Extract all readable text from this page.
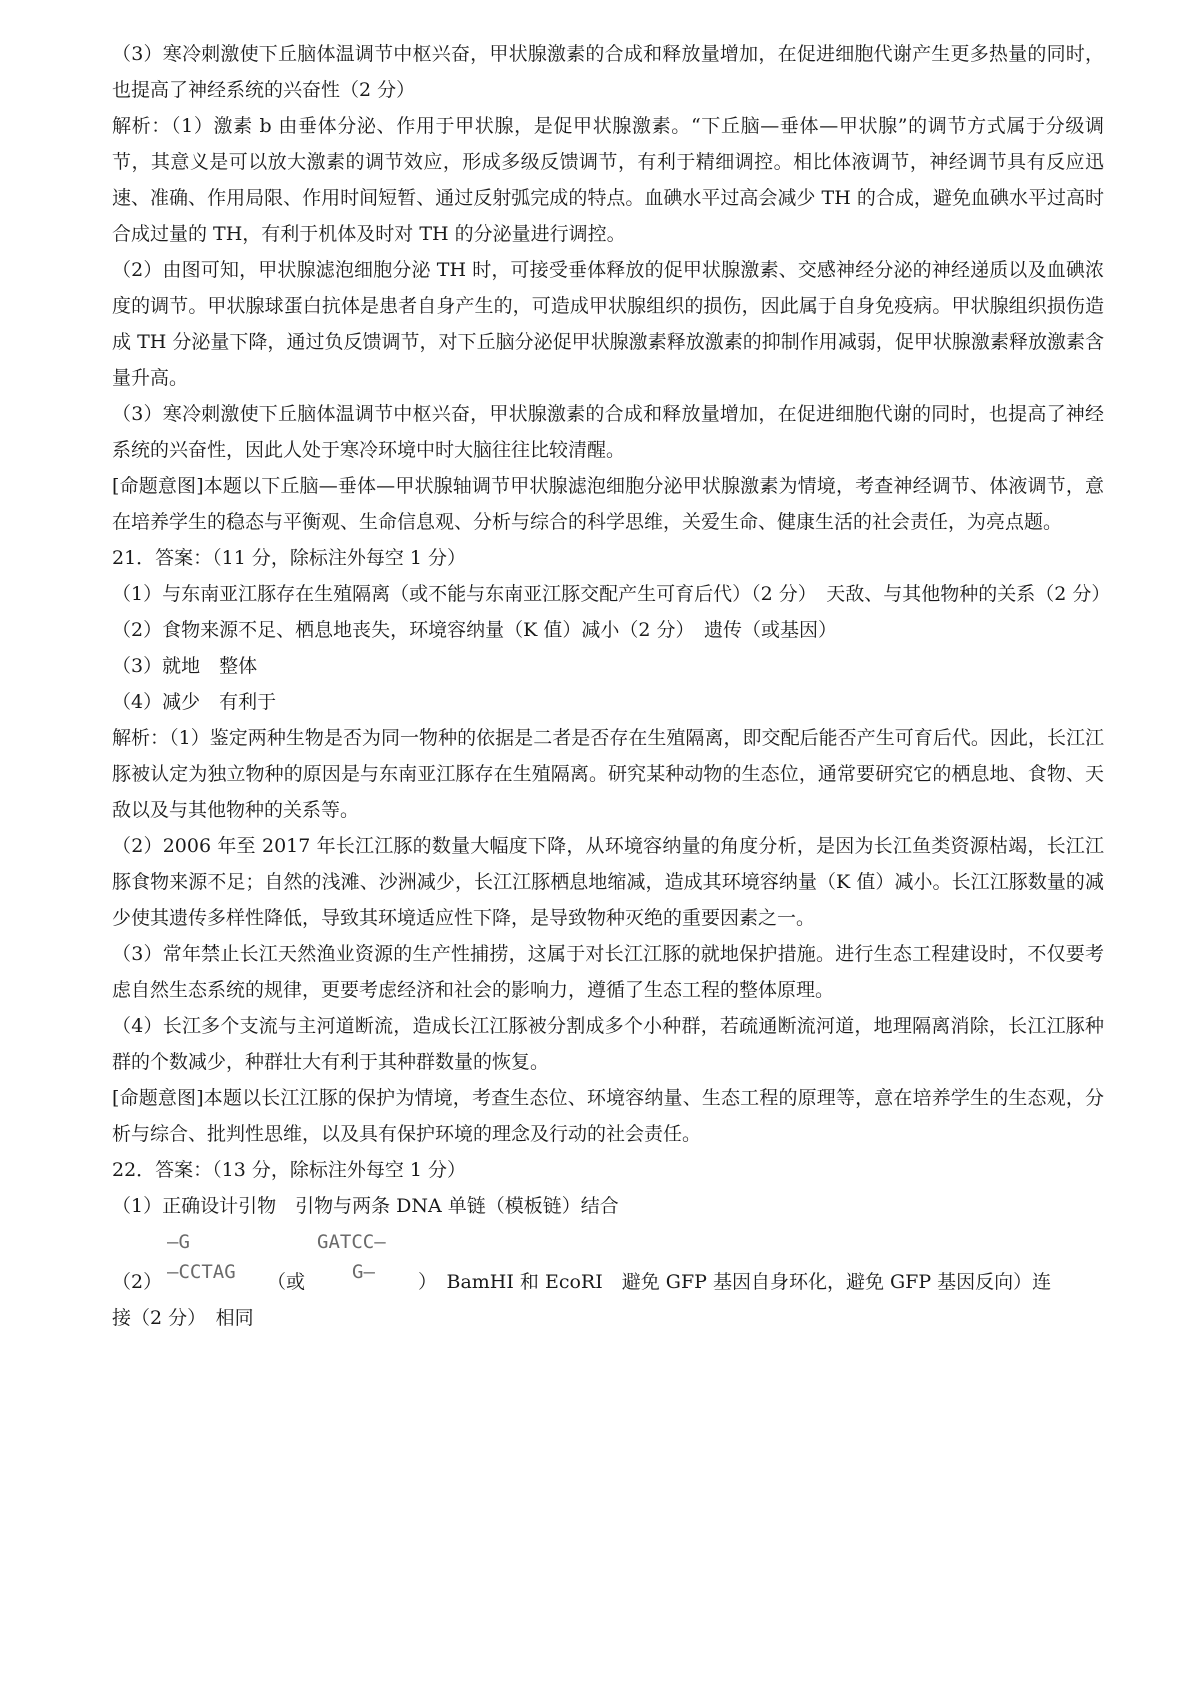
（3）寒冷刺激使下丘脑体温调节中枢兴奋，甲状腺激素的合成和释放量增加，在促进细胞代谢产生更多热量的同时，也提高了神经系统的兴奋性（2 分）

解析：（1）激素 b 由垂体分泌、作用于甲状腺，是促甲状腺激素。“下丘脑—垂体—甲状腺”的调节方式属于分级调节，其意义是可以放大激素的调节效应，形成多级反馈调节，有利于精细调控。相比体液调节，神经调节具有反应迅速、准确、作用局限、作用时间短暂、通过反射弧完成的特点。血碘水平过高会减少 TH 的合成，避免血碘水平过高时合成过量的 TH，有利于机体及时对 TH 的分泌量进行调控。

（2）由图可知，甲状腺滤泡细胞分泌 TH 时，可接受垂体释放的促甲状腺激素、交感神经分泌的神经递质以及血碘浓度的调节。甲状腺球蛋白抗体是患者自身产生的，可造成甲状腺组织的损伤，因此属于自身免疫病。甲状腺组织损伤造成 TH 分泌量下降，通过负反馈调节，对下丘脑分泌促甲状腺激素释放激素的抑制作用减弱，促甲状腺激素释放激素含量升高。

（3）寒冷刺激使下丘脑体温调节中枢兴奋，甲状腺激素的合成和释放量增加，在促进细胞代谢的同时，也提高了神经系统的兴奋性，因此人处于寒冷环境中时大脑往往比较清醒。

[命题意图]本题以下丘脑—垂体—甲状腺轴调节甲状腺滤泡细胞分泌甲状腺激素为情境，考查神经调节、体液调节，意在培养学生的稳态与平衡观、生命信息观、分析与综合的科学思维，关爱生命、健康生活的社会责任，为亮点题。

21．答案：（11 分，除标注外每空 1 分）

（1）与东南亚江豚存在生殖隔离（或不能与东南亚江豚交配产生可育后代）（2 分）　天敌、与其他物种的关系（2 分）

（2）食物来源不足、栖息地丧失，环境容纳量（K 值）减小（2 分）　遗传（或基因）

（3）就地　整体

（4）减少　有利于

解析：（1）鉴定两种生物是否为同一物种的依据是二者是否存在生殖隔离，即交配后能否产生可育后代。因此，长江江豚被认定为独立物种的原因是与东南亚江豚存在生殖隔离。研究某种动物的生态位，通常要研究它的栖息地、食物、天敌以及与其他物种的关系等。

（2）2006 年至 2017 年长江江豚的数量大幅度下降，从环境容纳量的角度分析，是因为长江鱼类资源枯竭，长江江豚食物来源不足；自然的浅滩、沙洲减少，长江江豚栖息地缩减，造成其环境容纳量（K 值）减小。长江江豚数量的减少使其遗传多样性降低，导致其环境适应性下降，是导致物种灭绝的重要因素之一。

（3）常年禁止长江天然渔业资源的生产性捕捞，这属于对长江江豚的就地保护措施。进行生态工程建设时，不仅要考虑自然生态系统的规律，更要考虑经济和社会的影响力，遵循了生态工程的整体原理。

（4）长江多个支流与主河道断流，造成长江江豚被分割成多个小种群，若疏通断流河道，地理隔离消除，长江江豚种群的个数减少，种群壮大有利于其种群数量的恢复。

[命题意图]本题以长江江豚的保护为情境，考查生态位、环境容纳量、生态工程的原理等，意在培养学生的生态观，分析与综合、批判性思维，以及具有保护环境的理念及行动的社会责任。

22．答案：（13 分，除标注外每空 1 分）

（1）正确设计引物　引物与两条 DNA 单链（模板链）结合

—G
—CCTAG
GATCC—
G—
（2）	（或	）　BamHI 和 EcoRI　避免 GFP 基因自身环化，避免 GFP 基因反向）连
接（2 分）　相同
